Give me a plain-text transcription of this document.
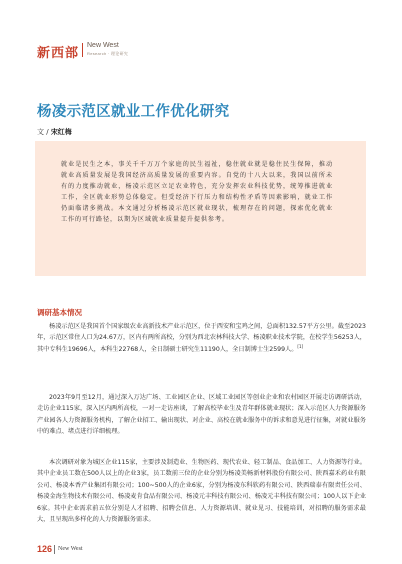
新西部
New West
Research · 理论研究
杨凌示范区就业工作优化研究
文 / 宋红梅
就业是民生之本，事关千千万万个家庭的民生福祉，稳住就业就是稳住民生保障，推动就业高质量发展是我国经济高质量发展的重要内容。自党的十八大以来，我国以前所未有的力度推动就业，杨凌示范区立足农业特色，充分发挥农业科技优势，统筹推进就业工作，全区就业形势总体稳定。但受经济下行压力和结构性矛盾等因素影响，就业工作仍面临诸多挑战。本文通过分析杨凌示范区就业现状，梳理存在的问题，探索优化就业工作的可行路径，以期为区域就业质量提升提供参考。
调研基本情况
杨凌示范区是我国首个国家级农业高新技术产业示范区，位于西安和宝鸡之间，总面积132.57平方公里。截至2023年，示范区常住人口为24.67万，区内有两所高校，分别为西北农林科技大学、杨凌职业技术学院，在校学生56253人，其中专科生19696人，本科生22768人，全日制硕士研究生11190人，全日制博士生2599人。[1]
2023年9月至12月，通过深入万达广场、工业园区企业、区域工业园区等创业企业和农村园区开展走访调研活动，走访企业115家，深入区内两所高校，一对一走访座谈，了解高校毕业生及青年群体就业现状；深入示范区人力资源服务产业园各人力资源服务机构，了解企业招工、输出现状、对企业、高校在就业服务中的诉求和意见进行征集，对就业服务中的难点、堵点进行详细梳理。
本次调研对象为城区企业115家，主要涉及制造业、生物医药、现代农业、轻工制品、食品加工、人力资源等行业。其中企业员工数在500人以上的企业3家，员工数前三位的企业分别为杨凌美畅新材料股份有限公司、陕西嘉禾药业有限公司、杨凌本香产业集团有限公司；100~500人的企业6家，分别为杨凌东科软药有限公司、陕西瑞泰有限责任公司、杨凌金海生物技术有限公司、杨凌麦肯食品有限公司、杨凌元丰科技有限公司、杨凌元丰科技有限公司；100人以下企业6家。其中企业需求前五位分别是人才招聘、招聘会信息、人力资源培训、就业见习、技能培训，对招聘的服务需求最大，且呈现出多样化的人力资源服务需求。
126 New West
